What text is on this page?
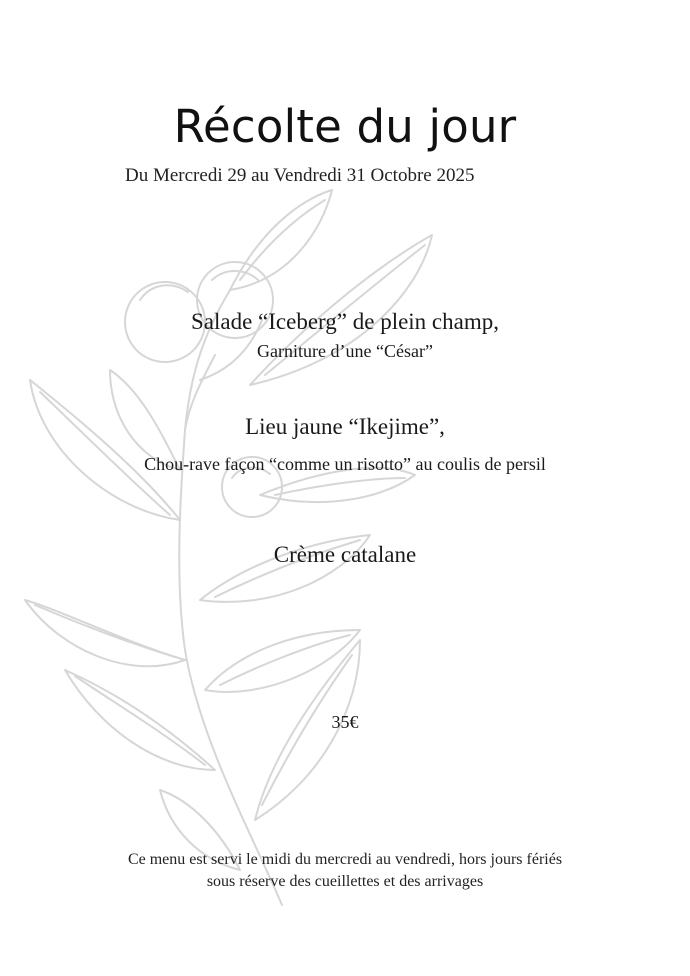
Récolte du jour
Du Mercredi 29 au Vendredi 31 Octobre 2025
Salade “Iceberg” de plein champ,
Garniture d’une “César”
Lieu jaune “Ikejime”,
Chou-rave façon “comme un risotto” au coulis de persil
Crème catalane
35€
Ce menu est servi le midi du mercredi au vendredi, hors jours fériés
sous réserve des cueillettes et des arrivages
